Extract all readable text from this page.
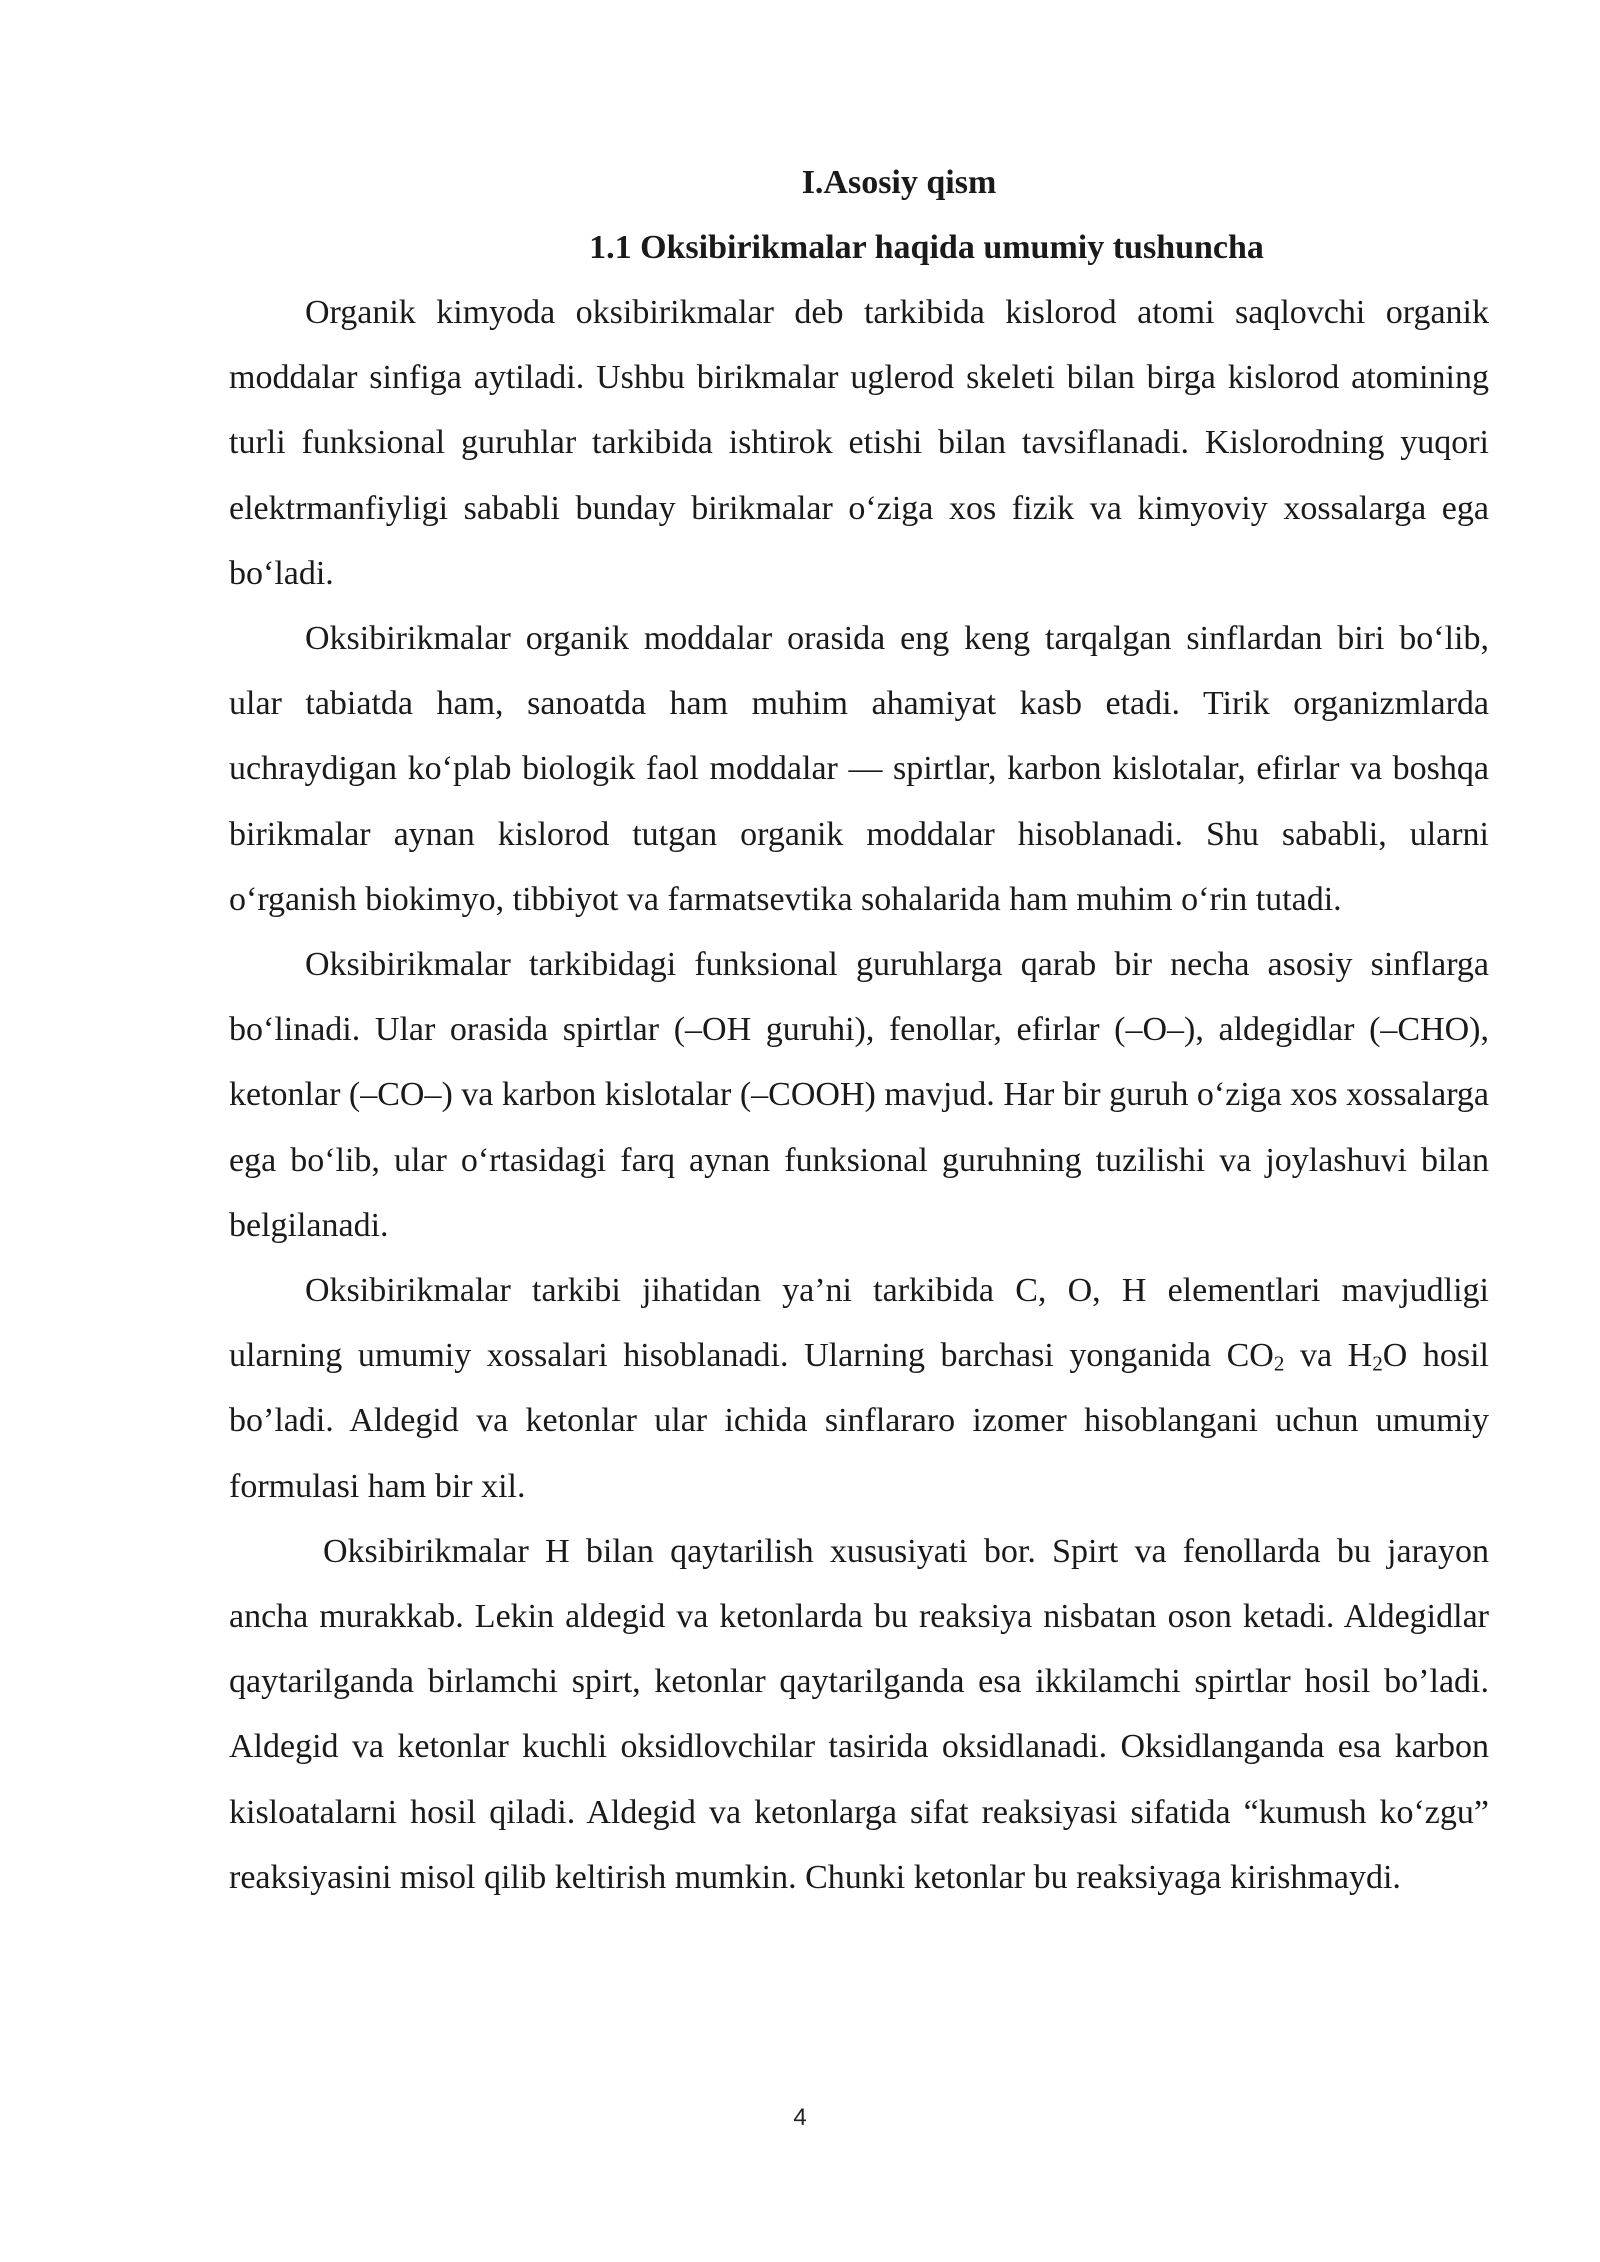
I.Asosiy qism
1.1 Oksibirikmalar haqida umumiy tushuncha

Organik kimyoda oksibirikmalar deb tarkibida kislorod atomi saqlovchi organik moddalar sinfiga aytiladi. Ushbu birikmalar uglerod skeleti bilan birga kislorod atomining turli funksional guruhlar tarkibida ishtirok etishi bilan tavsiflanadi. Kislorodning yuqori elektrmanfiyligi sababli bunday birikmalar o‘ziga xos fizik va kimyoviy xossalarga ega bo‘ladi.

Oksibirikmalar organik moddalar orasida eng keng tarqalgan sinflardan biri bo‘lib, ular tabiatda ham, sanoatda ham muhim ahamiyat kasb etadi. Tirik organizmlarda uchraydigan ko‘plab biologik faol moddalar — spirtlar, karbon kislotalar, efirlar va boshqa birikmalar aynan kislorod tutgan organik moddalar hisoblanadi. Shu sababli, ularni o‘rganish biokimyo, tibbiyot va farmatsevtika sohalarida ham muhim o‘rin tutadi.

Oksibirikmalar tarkibidagi funksional guruhlarga qarab bir necha asosiy sinflarga bo‘linadi. Ular orasida spirtlar (–OH guruhi), fenollar, efirlar (–O–), aldegidlar (–CHO), ketonlar (–CO–) va karbon kislotalar (–COOH) mavjud. Har bir guruh o‘ziga xos xossalarga ega bo‘lib, ular o‘rtasidagi farq aynan funksional guruhning tuzilishi va joylashuvi bilan belgilanadi.

Oksibirikmalar tarkibi jihatidan ya’ni tarkibida C, O, H elementlari mavjudligi ularning umumiy xossalari hisoblanadi. Ularning barchasi yonganida $CO_2$ va $H_2O$ hosil bo’ladi. Aldegid va ketonlar ular ichida sinflararo izomer hisoblangani uchun umumiy formulasi ham bir xil.

Oksibirikmalar H bilan qaytarilish xususiyati bor. Spirt va fenollarda bu jarayon ancha murakkab. Lekin aldegid va ketonlarda bu reaksiya nisbatan oson ketadi. Aldegidlar qaytarilganda birlamchi spirt, ketonlar qaytarilganda esa ikkilamchi spirtlar hosil bo’ladi. Aldegid va ketonlar kuchli oksidlovchilar tasirida oksidlanadi. Oksidlanganda esa karbon kisloatalarni hosil qiladi. Aldegid va ketonlarga sifat reaksiyasi sifatida “kumush ko‘zgu” reaksiyasini misol qilib keltirish mumkin. Chunki ketonlar bu reaksiyaga kirishmaydi.

4
